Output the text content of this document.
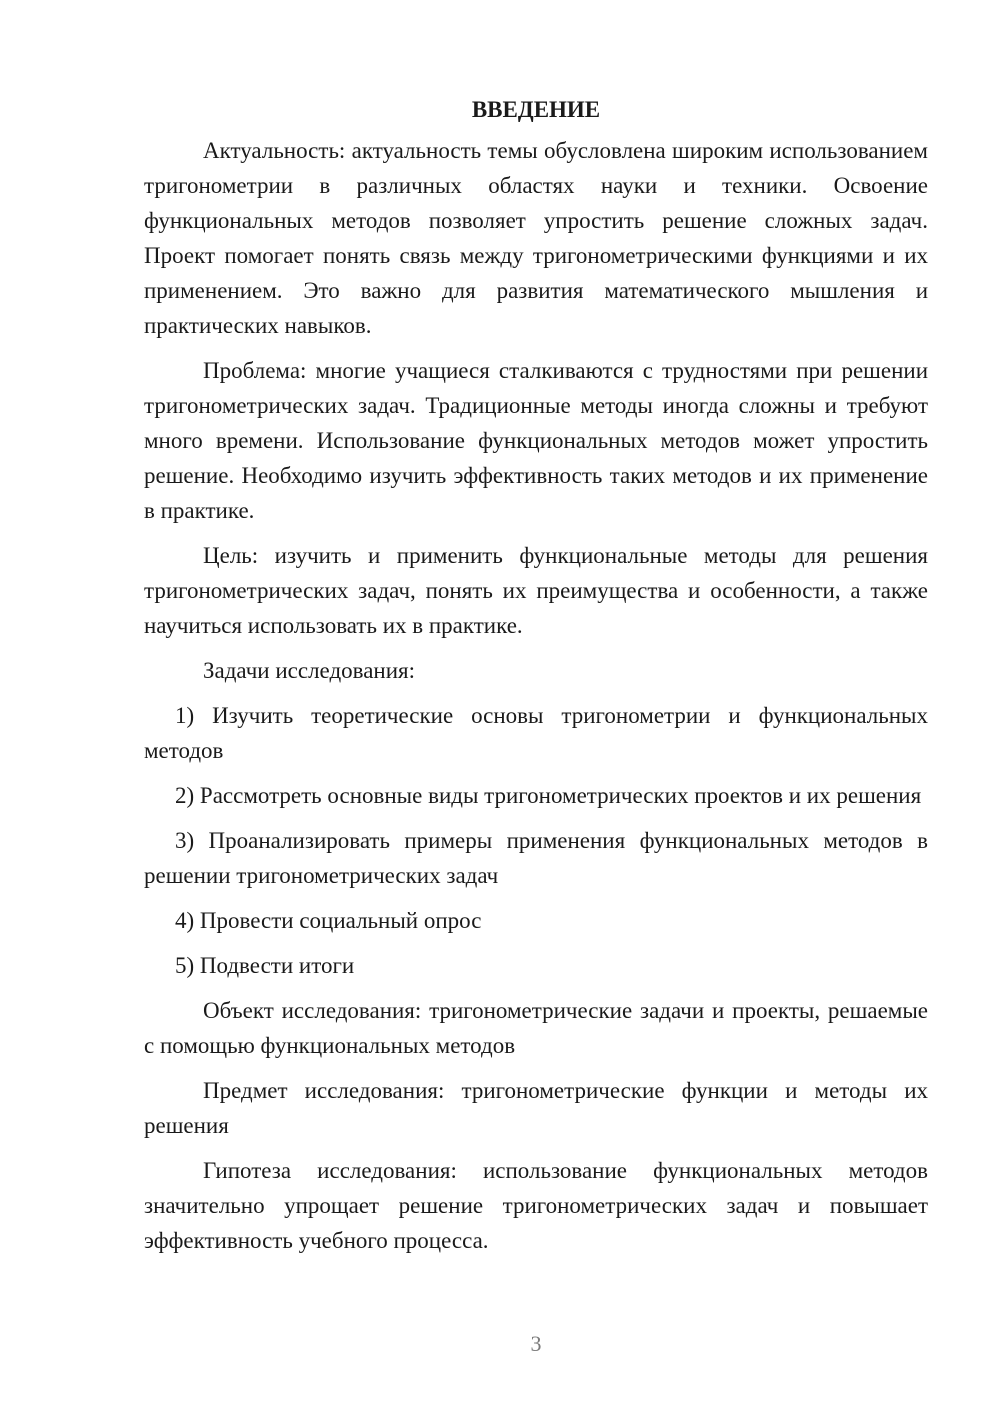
ВВЕДЕНИЕ

Актуальность: актуальность темы обусловлена широким использованием тригонометрии в различных областях науки и техники. Освоение функциональных методов позволяет упростить решение сложных задач. Проект помогает понять связь между тригонометрическими функциями и их применением. Это важно для развития математического мышления и практических навыков.

Проблема: многие учащиеся сталкиваются с трудностями при решении тригонометрических задач. Традиционные методы иногда сложны и требуют много времени. Использование функциональных методов может упростить решение. Необходимо изучить эффективность таких методов и их применение в практике.

Цель: изучить и применить функциональные методы для решения тригонометрических задач, понять их преимущества и особенности, а также научиться использовать их в практике.

Задачи исследования:

1) Изучить теоретические основы тригонометрии и функциональных методов

2) Рассмотреть основные виды тригонометрических проектов и их решения

3) Проанализировать примеры применения функциональных методов в решении тригонометрических задач

4) Провести социальный опрос

5) Подвести итоги

Объект исследования: тригонометрические задачи и проекты, решаемые с помощью функциональных методов

Предмет исследования: тригонометрические функции и методы их решения

Гипотеза исследования: использование функциональных методов значительно упрощает решение тригонометрических задач и повышает эффективность учебного процесса.

3
